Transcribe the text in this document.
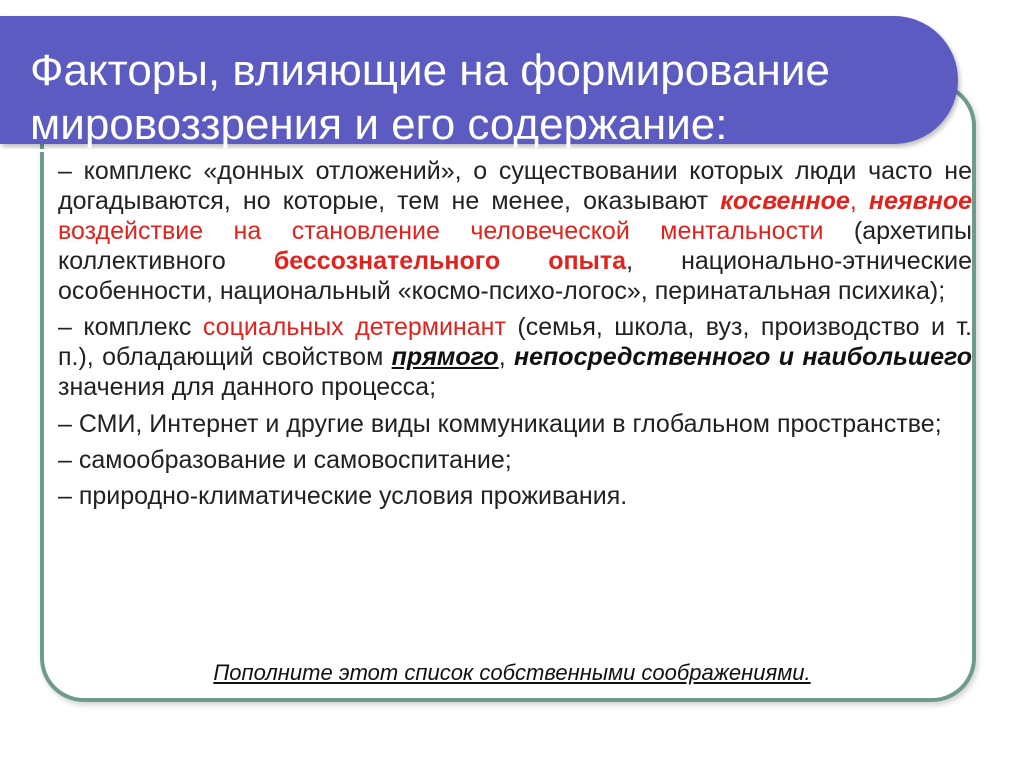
Факторы, влияющие на формирование
мировоззрения и его содержание:

– комплекс «донных отложений», о существовании которых люди часто не догадываются, но которые, тем не менее, оказывают косвенное, неявное воздействие на становление человеческой ментальности (архетипы коллективного бессознательного опыта, национально-этнические особенности, национальный «космо-психо-логос», перинатальная психика);

– комплекс социальных детерминант (семья, школа, вуз, производство и т. п.), обладающий свойством прямого, непосредственного и наибольшего значения для данного процесса;

– СМИ, Интернет и другие виды коммуникации в глобальном пространстве;

– самообразование и самовоспитание;

– природно-климатические условия проживания.

Пополните этот список собственными соображениями.
